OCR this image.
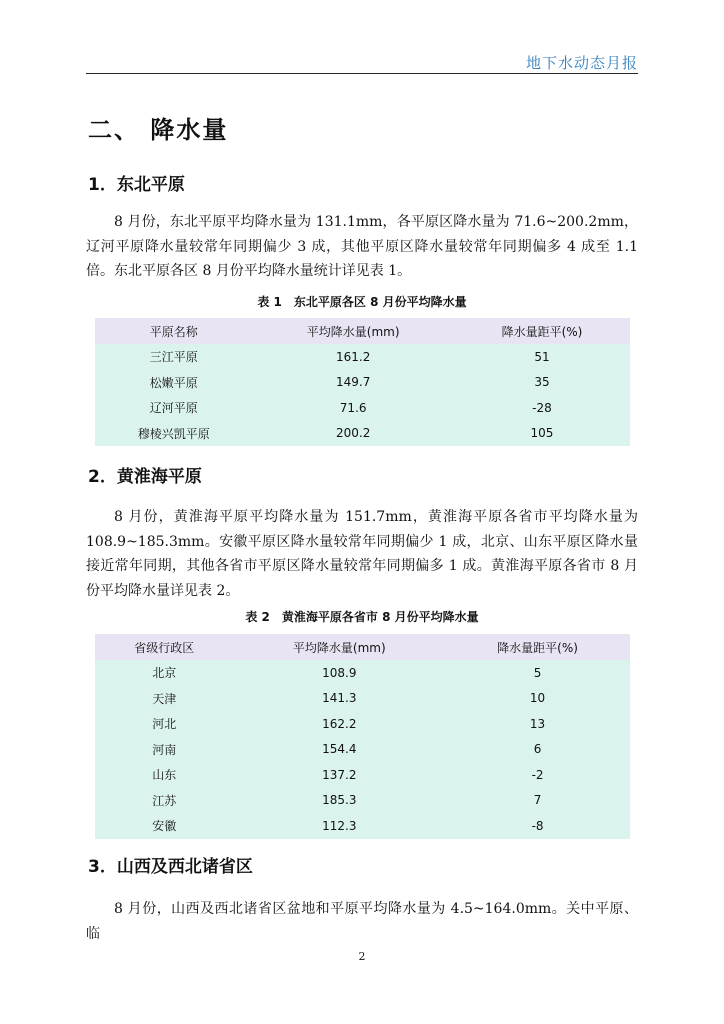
地下水动态月报
二、 降水量
1．东北平原
8 月份，东北平原平均降水量为 131.1mm，各平原区降水量为 71.6~200.2mm，辽河平原降水量较常年同期偏少 3 成，其他平原区降水量较常年同期偏多 4 成至 1.1 倍。东北平原各区 8 月份平均降水量统计详见表 1。
表 1　东北平原各区 8 月份平均降水量
平原名称	平均降水量(mm)	降水量距平(%)
三江平原	161.2	51
松嫩平原	149.7	35
辽河平原	71.6	-28
穆棱兴凯平原	200.2	105
2．黄淮海平原
8 月份，黄淮海平原平均降水量为 151.7mm，黄淮海平原各省市平均降水量为 108.9~185.3mm。安徽平原区降水量较常年同期偏少 1 成，北京、山东平原区降水量接近常年同期，其他各省市平原区降水量较常年同期偏多 1 成。黄淮海平原各省市 8 月份平均降水量详见表 2。
表 2　黄淮海平原各省市 8 月份平均降水量
省级行政区	平均降水量(mm)	降水量距平(%)
北京	108.9	5
天津	141.3	10
河北	162.2	13
河南	154.4	6
山东	137.2	-2
江苏	185.3	7
安徽	112.3	-8
3．山西及西北诸省区
8 月份，山西及西北诸省区盆地和平原平均降水量为 4.5~164.0mm。关中平原、临
2
